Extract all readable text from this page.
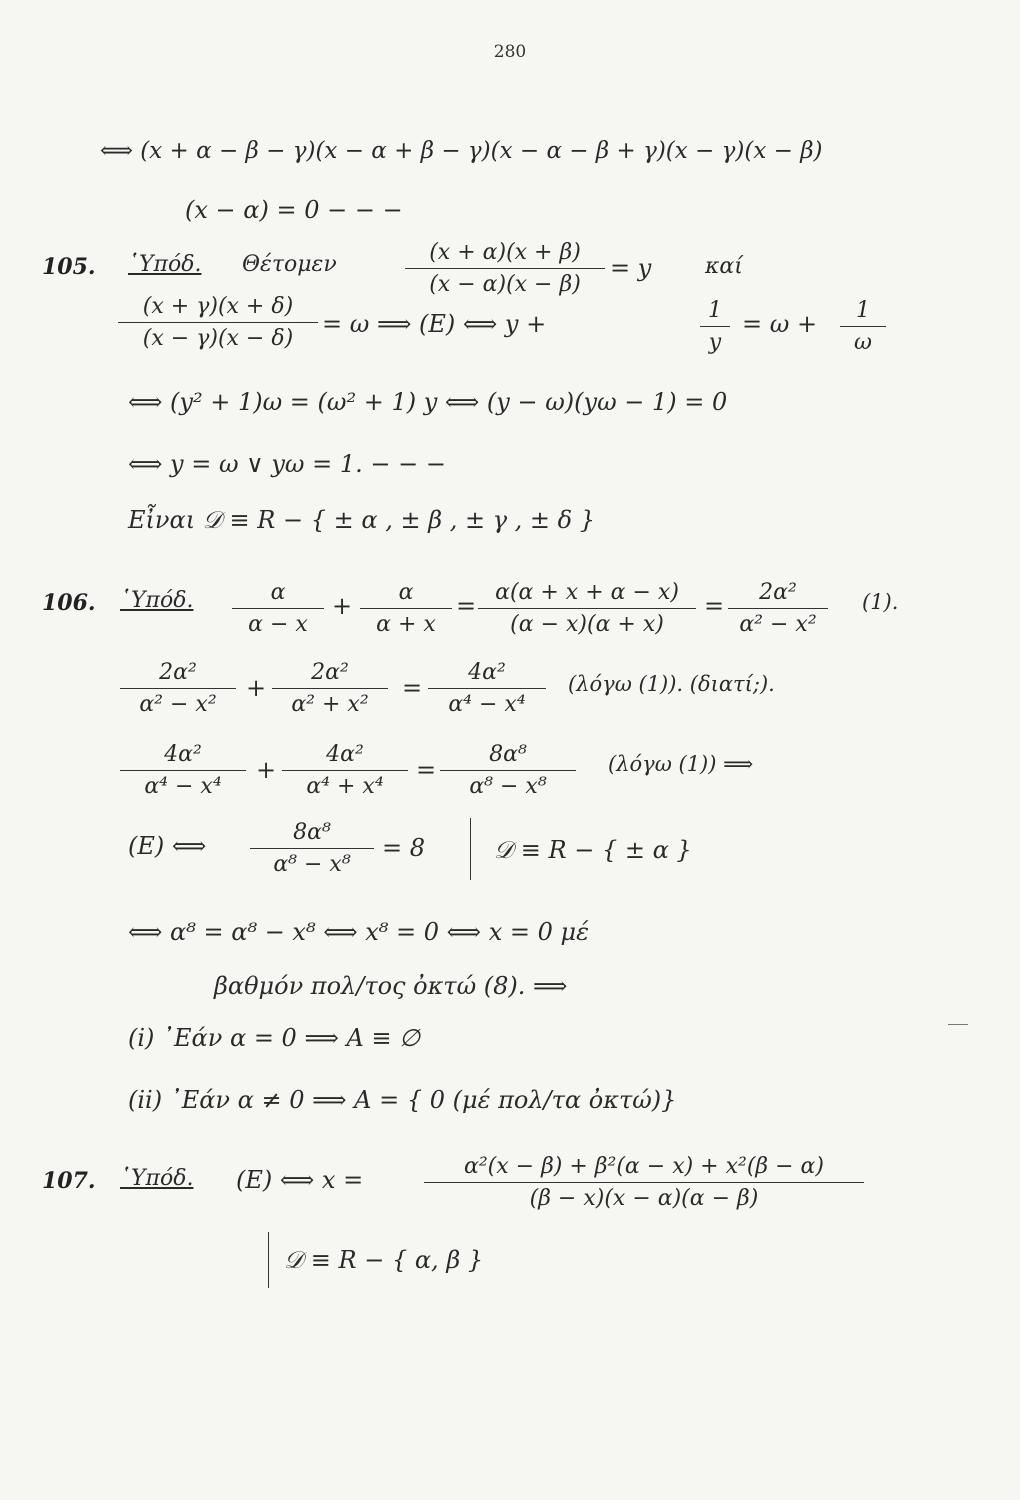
280
⟺ (x + α − β − γ)(x − α + β − γ)(x − α − β + γ)(x − γ)(x − β)
(x − α) = 0 − − −
105. ῾Υπόδ. Θέτομεν	$\frac{(x + \alpha)(x + \beta)}{(x - \alpha)(x - \beta)} = y$ καί
$\frac{(x + \gamma)(x + \delta)}{(x - \gamma)(x - \delta)} = \omega$ ⟹ (Ε) ⟺ y +	$\frac{1}{y} = \omega + \frac{1}{\omega}$
⟺ (y² + 1)ω = (ω² + 1) y ⟺ (y − ω)(yω − 1) = 0
⟺ y = ω ∨ yω = 1. − − −
Εἶναι 𝒟 ≡ R − { ± α , ± β , ± γ , ± δ }
106. ῾Υπόδ. $\frac{\alpha}{\alpha - x} + \frac{\alpha}{\alpha + x} = \frac{\alpha(\alpha + x + \alpha - x)}{(\alpha - x)(\alpha + x)} = \frac{\text{2α²}}{\text{α² − x²}} (1)$.
$\frac{\text{2α²}}{\text{α² − x²}} + \frac{\text{2α²}}{\text{α² + x²}} = \frac{\text{4α²}}{\text{α⁴ − x⁴}} (\lambda ό\gamma\omega$ (1)). (διατί;).
$\frac{\text{4α²}}{\text{α⁴ − x⁴}} + \frac{\text{4α²}}{\text{α⁴ + x⁴}} = \frac{\text{8α⁸}}{\text{α⁸ − x⁸}} (\lambda ό\gamma\omega$ (1)) ⟹
(Ε) ⟺ $\frac{\text{8α⁸}}{\text{α⁸ − x⁸}} = 8$	𝒟 ≡ R − { ± α }
⟺ α⁸ = α⁸ − x⁸ ⟺ x⁸ = 0 ⟺ x = 0 μέ
βαθμόν πολ/τος ὀκτώ (8). ⟹
(i) ᾿Εάν α = 0 ⟹ A ≡ ∅
(ii) ᾿Εάν α ≠ 0 ⟹ A = { 0 (μέ πολ/τα ὀκτώ)}
107. ῾Υπόδ. (Ε) ⟺ x =	$\frac{\text{α²(x − β) + β²(α − x) + x²(β − α)}}{(\beta - x)(x - \alpha)(\alpha - \beta)}$
𝒟 ≡ R − { α, β }
